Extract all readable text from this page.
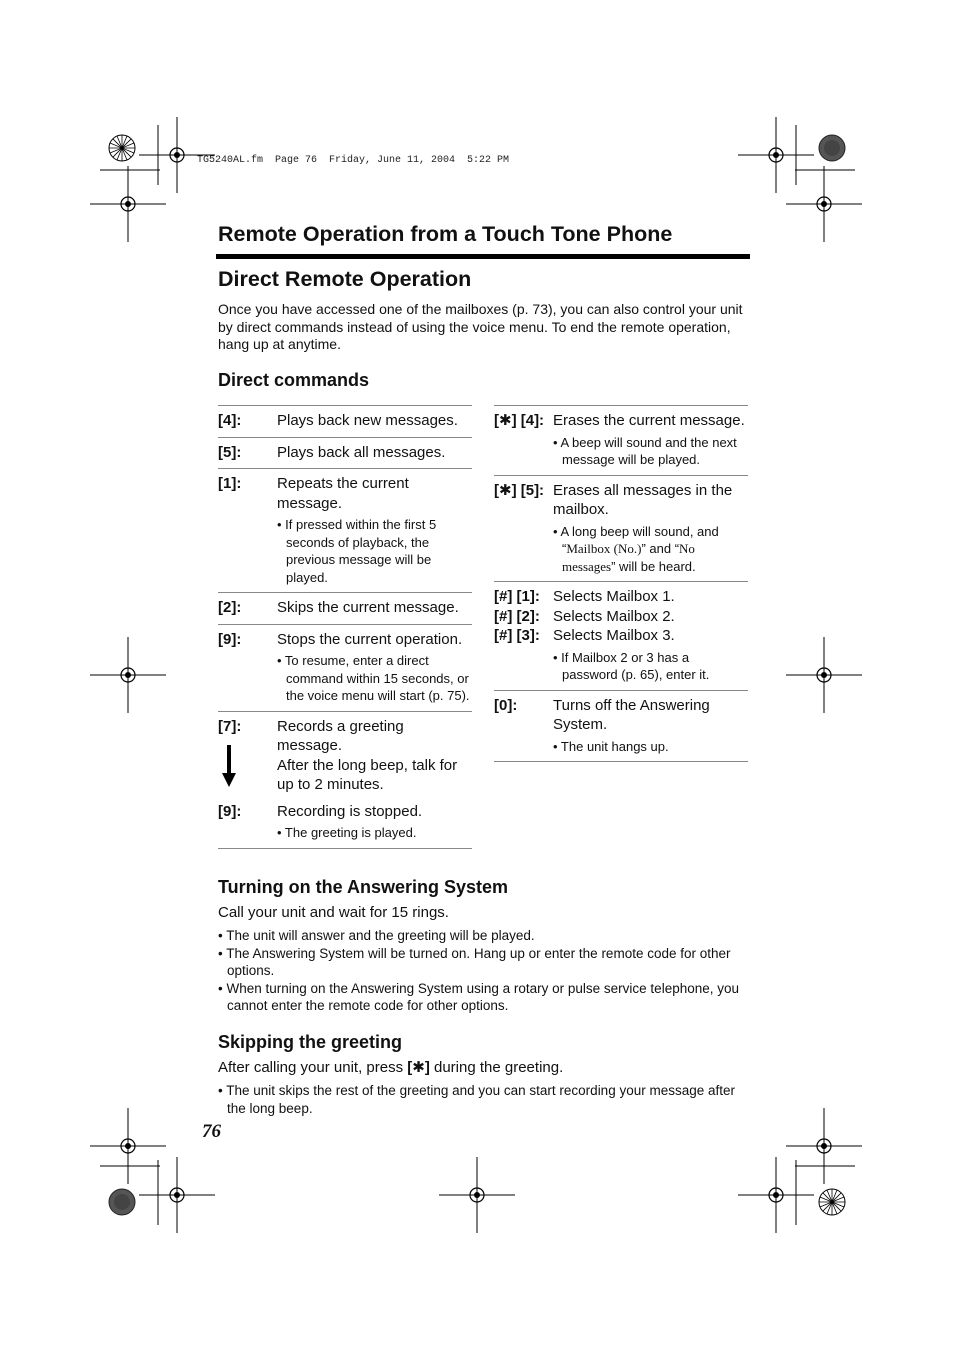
TG5240AL.fm  Page 76  Friday, June 11, 2004  5:22 PM
Remote Operation from a Touch Tone Phone
Direct Remote Operation

Once you have accessed one of the mailboxes (p. 73), you can also control your unit by direct commands instead of using the voice menu. To end the remote operation, hang up at anytime.

Direct commands
[4]:	Plays back new messages.
[5]:	Plays back all messages.
[1]:	Repeats the current message.
• If pressed within the first 5 seconds of playback, the previous message will be played.
[2]:	Skips the current message.
[9]:	Stops the current operation.
• To resume, enter a direct command within 15 seconds, or the voice menu will start (p. 75).
[7]:	Records a greeting message.
After the long beep, talk for up to 2 minutes.
[9]:	Recording is stopped.
• The greeting is played.
[✱] [4]: Erases the current message.
• A beep will sound and the next message will be played.
[✱] [5]: Erases all messages in the mailbox.
• A long beep will sound, and “Mailbox (No.)” and “No messages” will be heard.
[#] [1]: Selects Mailbox 1.
[#] [2]: Selects Mailbox 2.
[#] [3]: Selects Mailbox 3.
• If Mailbox 2 or 3 has a password (p. 65), enter it.
[0]:	Turns off the Answering System.
• The unit hangs up.
Turning on the Answering System

Call your unit and wait for 15 rings.

• The unit will answer and the greeting will be played.

• The Answering System will be turned on. Hang up or enter the remote code for other options.

• When turning on the Answering System using a rotary or pulse service telephone, you cannot enter the remote code for other options.

Skipping the greeting

After calling your unit, press [✱] during the greeting.

• The unit skips the rest of the greeting and you can start recording your message after the long beep.

76
